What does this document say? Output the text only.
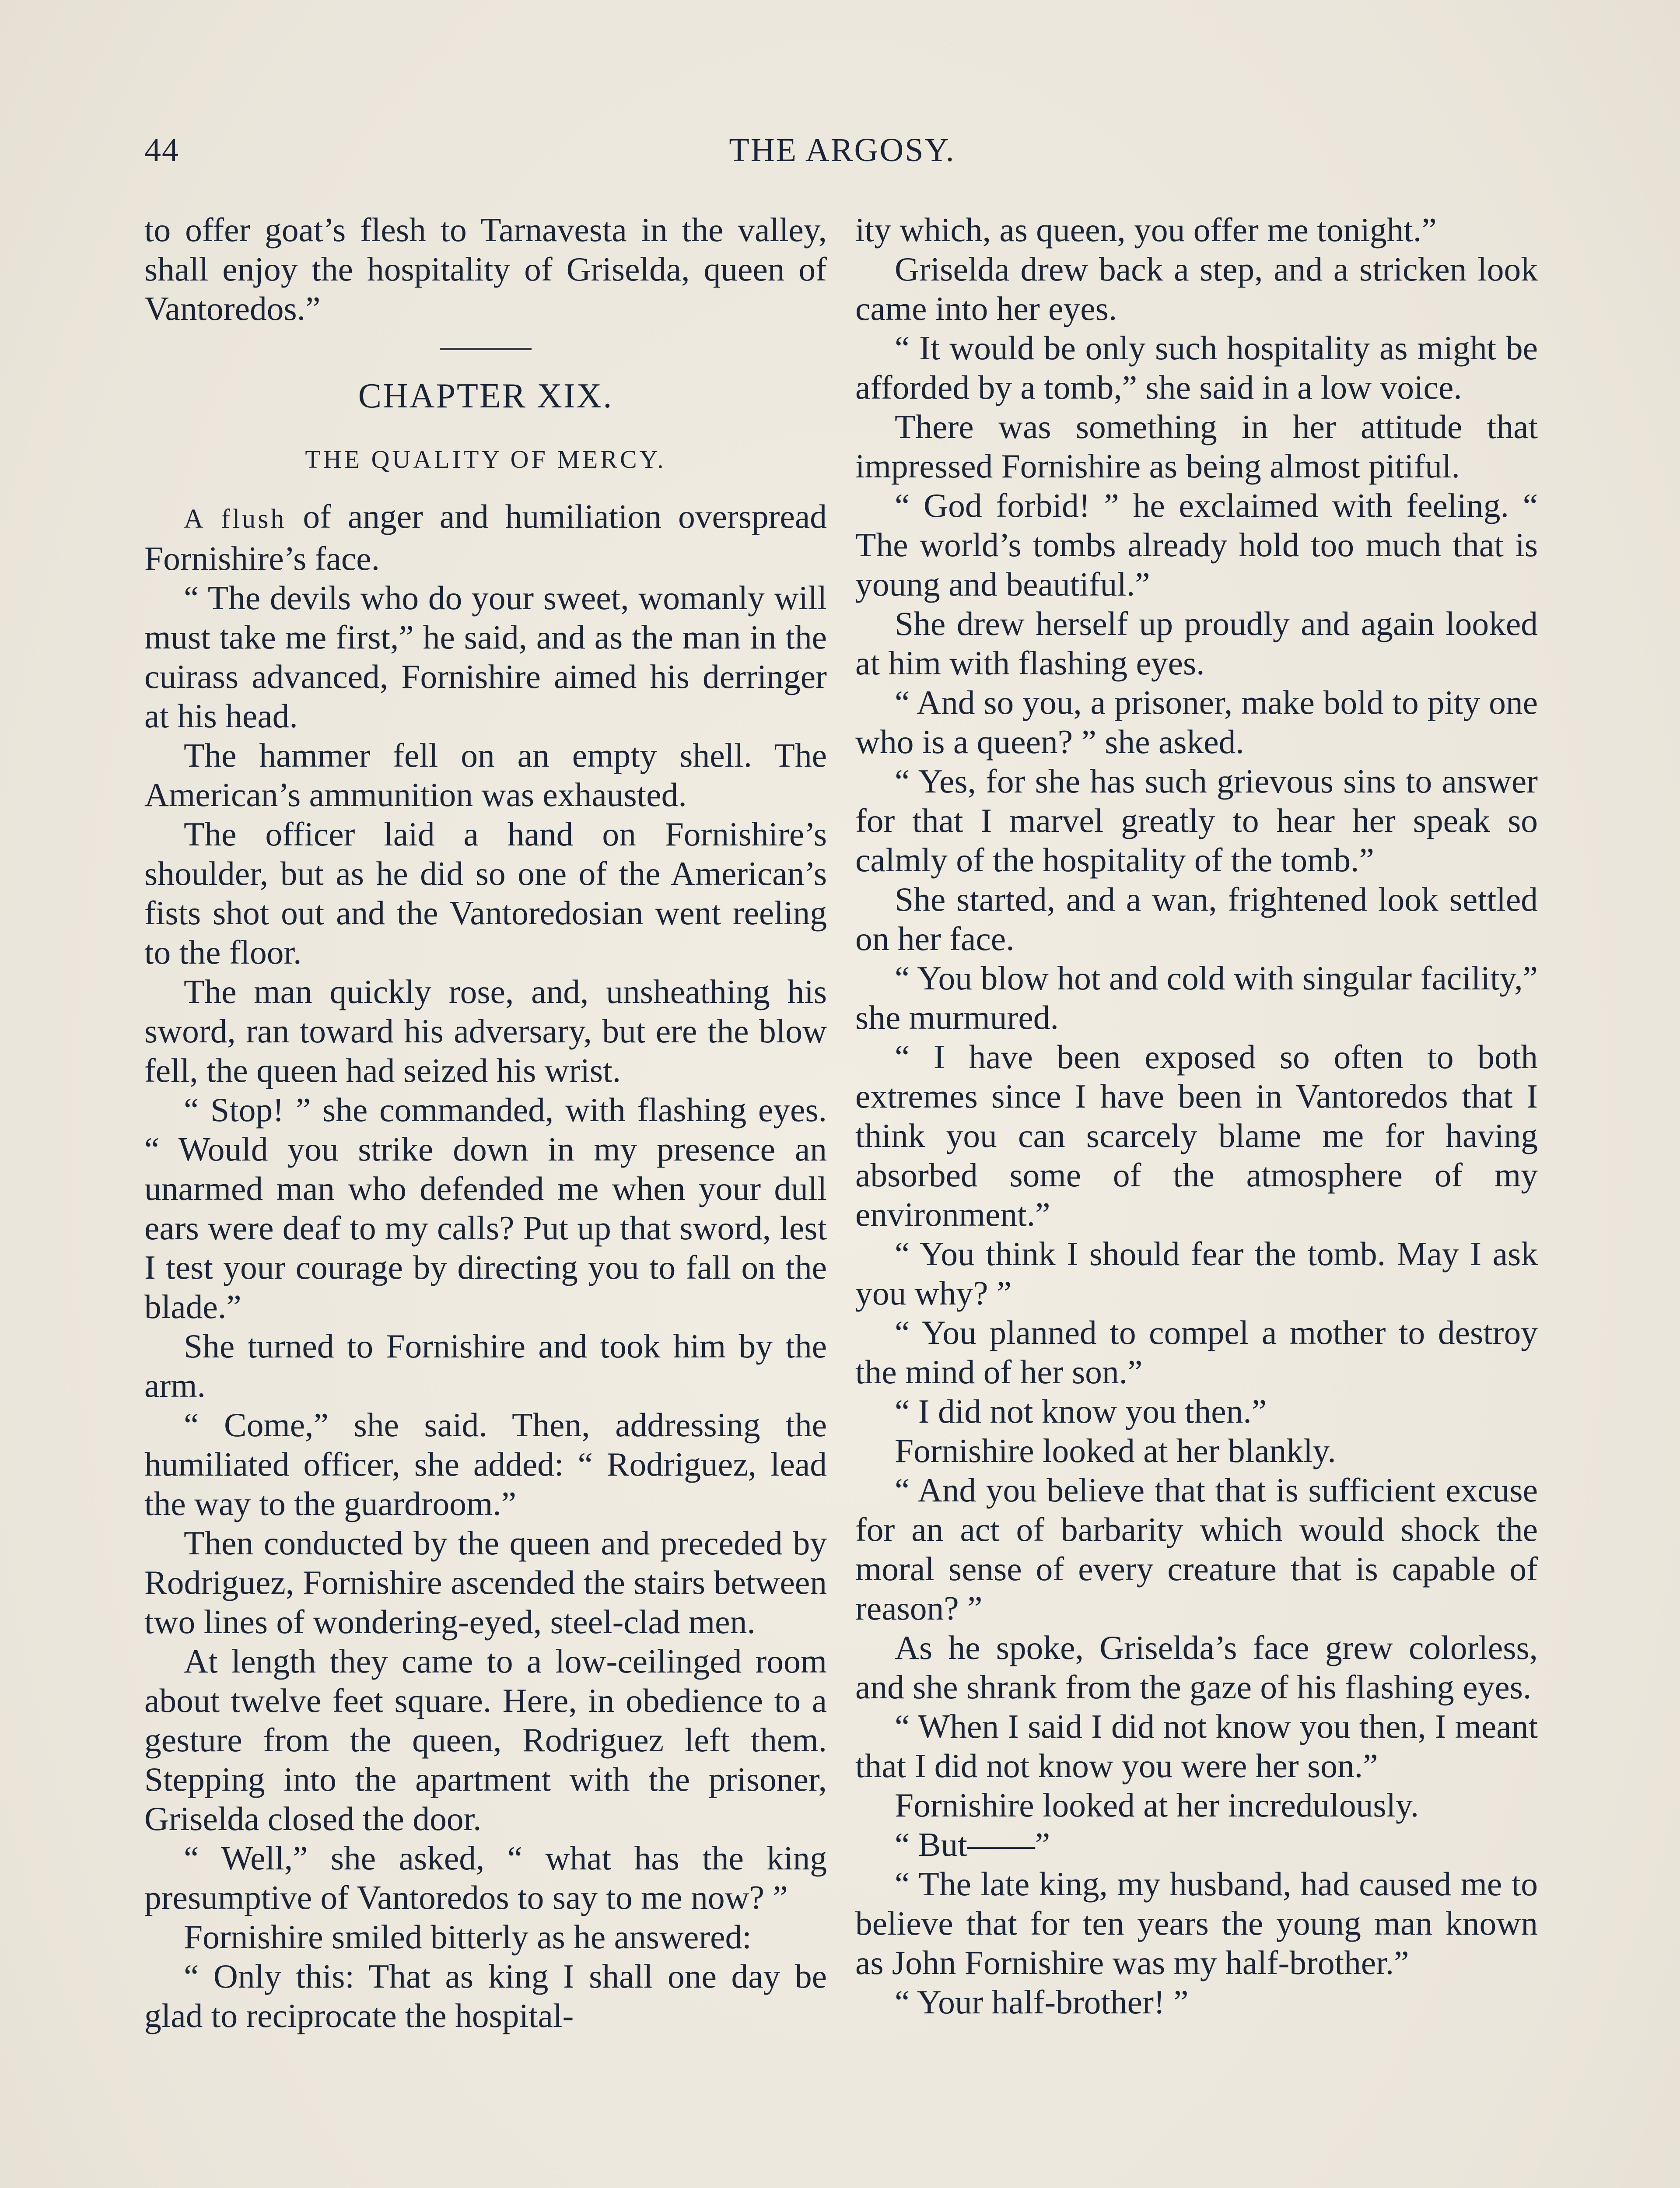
44	THE ARGOSY.

to offer goat’s flesh to Tarnavesta in the valley, shall enjoy the hospitality of Griselda, queen of Vantoredos.”

CHAPTER XIX.
THE QUALITY OF MERCY.

A flush of anger and humiliation overspread Fornishire’s face.

“ The devils who do your sweet, womanly will must take me first,” he said, and as the man in the cuirass advanced, Fornishire aimed his derringer at his head.

The hammer fell on an empty shell. The American’s ammunition was exhausted.

The officer laid a hand on Fornishire’s shoulder, but as he did so one of the American’s fists shot out and the Vantoredosian went reeling to the floor.

The man quickly rose, and, unsheathing his sword, ran toward his adversary, but ere the blow fell, the queen had seized his wrist.

“ Stop! ” she commanded, with flashing eyes. “ Would you strike down in my presence an unarmed man who defended me when your dull ears were deaf to my calls? Put up that sword, lest I test your courage by directing you to fall on the blade.”

She turned to Fornishire and took him by the arm.

“ Come,” she said. Then, addressing the humiliated officer, she added: “ Rodriguez, lead the way to the guardroom.”

Then conducted by the queen and preceded by Rodriguez, Fornishire ascended the stairs between two lines of wondering-eyed, steel-clad men.

At length they came to a low-ceilinged room about twelve feet square. Here, in obedience to a gesture from the queen, Rodriguez left them. Stepping into the apartment with the prisoner, Griselda closed the door.

“ Well,” she asked, “ what has the king presumptive of Vantoredos to say to me now? ”

Fornishire smiled bitterly as he answered:

“ Only this: That as king I shall one day be glad to reciprocate the hospital-

ity which, as queen, you offer me tonight.”

Griselda drew back a step, and a stricken look came into her eyes.

“ It would be only such hospitality as might be afforded by a tomb,” she said in a low voice.

There was something in her attitude that impressed Fornishire as being almost pitiful.

“ God forbid! ” he exclaimed with feeling. “ The world’s tombs already hold too much that is young and beautiful.”

She drew herself up proudly and again looked at him with flashing eyes.

“ And so you, a prisoner, make bold to pity one who is a queen? ” she asked.

“ Yes, for she has such grievous sins to answer for that I marvel greatly to hear her speak so calmly of the hospitality of the tomb.”

She started, and a wan, frightened look settled on her face.

“ You blow hot and cold with singular facility,” she murmured.

“ I have been exposed so often to both extremes since I have been in Vantoredos that I think you can scarcely blame me for having absorbed some of the atmosphere of my environment.”

“ You think I should fear the tomb. May I ask you why? ”

“ You planned to compel a mother to destroy the mind of her son.”

“ I did not know you then.”

Fornishire looked at her blankly.

“ And you believe that that is sufficient excuse for an act of barbarity which would shock the moral sense of every creature that is capable of reason? ”

As he spoke, Griselda’s face grew colorless, and she shrank from the gaze of his flashing eyes.

“ When I said I did not know you then, I meant that I did not know you were her son.”

Fornishire looked at her incredulously.

“ But——”

“ The late king, my husband, had caused me to believe that for ten years the young man known as John Fornishire was my half-brother.”

“ Your half-brother! ”
